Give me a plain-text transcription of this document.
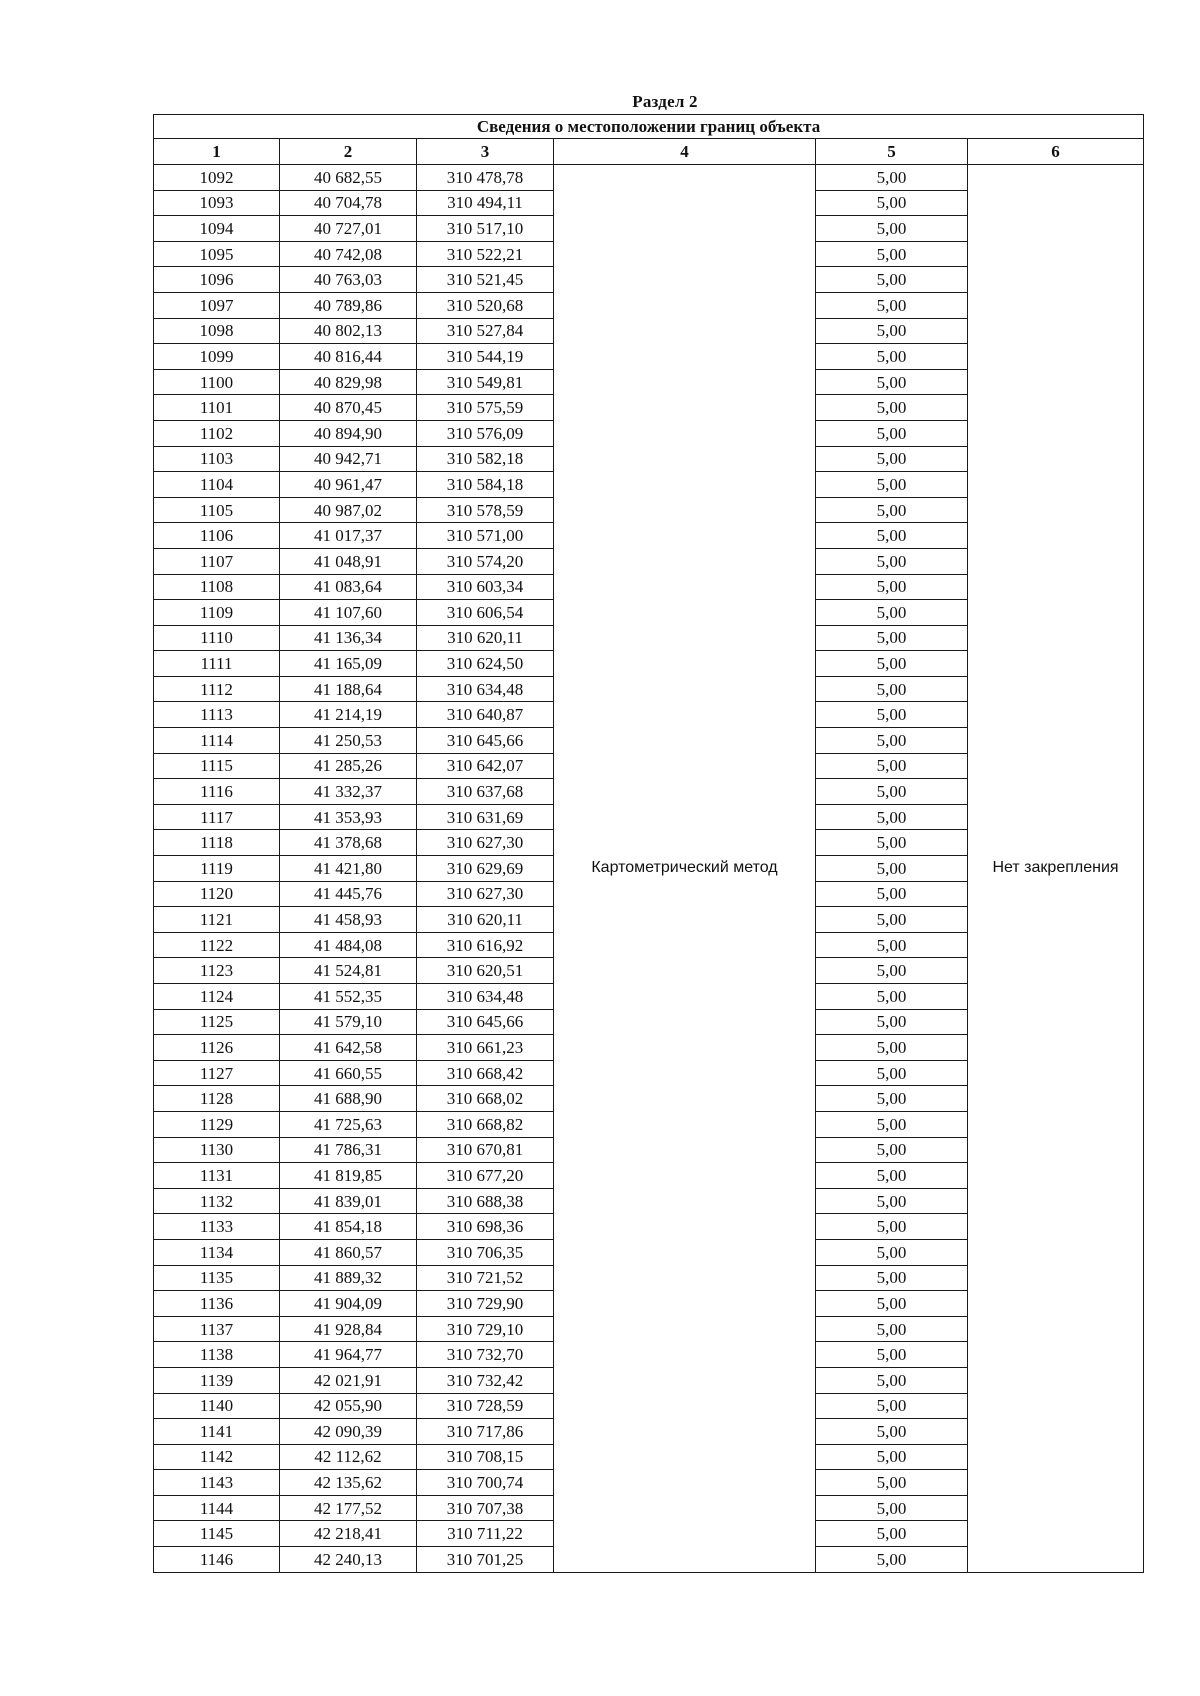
Раздел 2
Сведения о местоположении границ объекта					
1	2	3	4	5	6
1092	40 682,55	310 478,78	Картометрический метод	5,00	Нет закрепления
1093	40 704,78	310 494,11		5,00	
1094	40 727,01	310 517,10		5,00	
1095	40 742,08	310 522,21		5,00	
1096	40 763,03	310 521,45		5,00	
1097	40 789,86	310 520,68		5,00	
1098	40 802,13	310 527,84		5,00	
1099	40 816,44	310 544,19		5,00	
1100	40 829,98	310 549,81		5,00	
1101	40 870,45	310 575,59		5,00	
1102	40 894,90	310 576,09		5,00	
1103	40 942,71	310 582,18		5,00	
1104	40 961,47	310 584,18		5,00	
1105	40 987,02	310 578,59		5,00	
1106	41 017,37	310 571,00		5,00	
1107	41 048,91	310 574,20		5,00	
1108	41 083,64	310 603,34		5,00	
1109	41 107,60	310 606,54		5,00	
1110	41 136,34	310 620,11		5,00	
1111	41 165,09	310 624,50		5,00	
1112	41 188,64	310 634,48		5,00	
1113	41 214,19	310 640,87		5,00	
1114	41 250,53	310 645,66		5,00	
1115	41 285,26	310 642,07		5,00	
1116	41 332,37	310 637,68		5,00	
1117	41 353,93	310 631,69		5,00	
1118	41 378,68	310 627,30		5,00	
1119	41 421,80	310 629,69		5,00	
1120	41 445,76	310 627,30		5,00	
1121	41 458,93	310 620,11		5,00	
1122	41 484,08	310 616,92		5,00	
1123	41 524,81	310 620,51		5,00	
1124	41 552,35	310 634,48		5,00	
1125	41 579,10	310 645,66		5,00	
1126	41 642,58	310 661,23		5,00	
1127	41 660,55	310 668,42		5,00	
1128	41 688,90	310 668,02		5,00	
1129	41 725,63	310 668,82		5,00	
1130	41 786,31	310 670,81		5,00	
1131	41 819,85	310 677,20		5,00	
1132	41 839,01	310 688,38		5,00	
1133	41 854,18	310 698,36		5,00	
1134	41 860,57	310 706,35		5,00	
1135	41 889,32	310 721,52		5,00	
1136	41 904,09	310 729,90		5,00	
1137	41 928,84	310 729,10		5,00	
1138	41 964,77	310 732,70		5,00	
1139	42 021,91	310 732,42		5,00	
1140	42 055,90	310 728,59		5,00	
1141	42 090,39	310 717,86		5,00	
1142	42 112,62	310 708,15		5,00	
1143	42 135,62	310 700,74		5,00	
1144	42 177,52	310 707,38		5,00	
1145	42 218,41	310 711,22		5,00	
1146	42 240,13	310 701,25		5,00	
